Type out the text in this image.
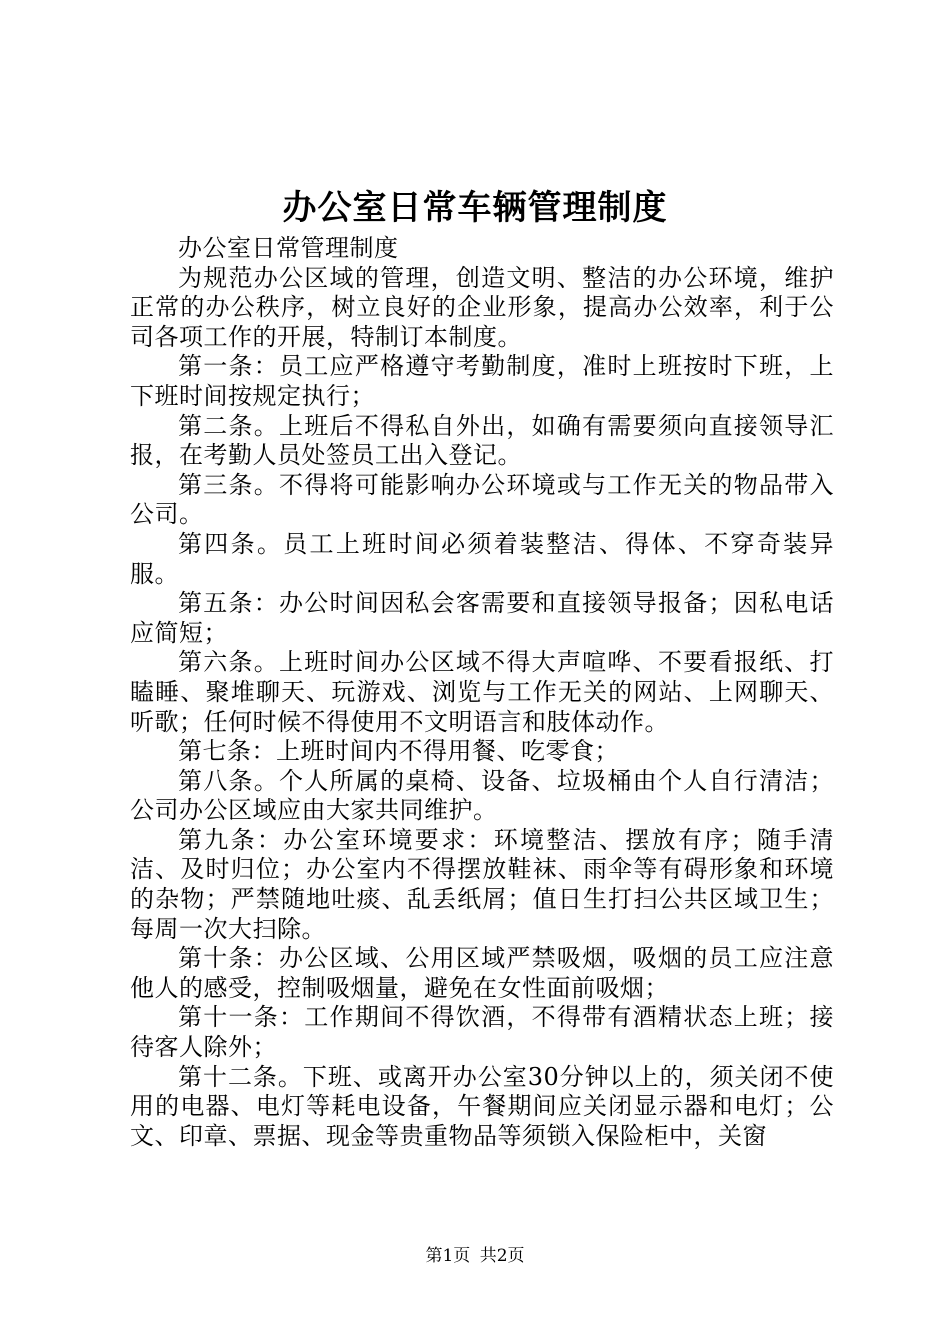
办公室日常车辆管理制度

办公室日常管理制度

为规范办公区域的管理，创造文明、整洁的办公环境，维护正常的办公秩序，树立良好的企业形象，提高办公效率，利于公司各项工作的开展，特制订本制度。

第一条：员工应严格遵守考勤制度，准时上班按时下班，上下班时间按规定执行；

第二条。上班后不得私自外出，如确有需要须向直接领导汇报，在考勤人员处签员工出入登记。

第三条。不得将可能影响办公环境或与工作无关的物品带入公司。

第四条。员工上班时间必须着装整洁、得体、不穿奇装异服。

第五条：办公时间因私会客需要和直接领导报备；因私电话应简短；

第六条。上班时间办公区域不得大声喧哗、不要看报纸、打瞌睡、聚堆聊天、玩游戏、浏览与工作无关的网站、上网聊天、听歌；任何时候不得使用不文明语言和肢体动作。

第七条：上班时间内不得用餐、吃零食；

第八条。个人所属的桌椅、设备、垃圾桶由个人自行清洁；公司办公区域应由大家共同维护。

第九条：办公室环境要求：环境整洁、摆放有序；随手清洁、及时归位；办公室内不得摆放鞋袜、雨伞等有碍形象和环境的杂物；严禁随地吐痰、乱丢纸屑；值日生打扫公共区域卫生；每周一次大扫除。

第十条：办公区域、公用区域严禁吸烟，吸烟的员工应注意他人的感受，控制吸烟量，避免在女性面前吸烟；

第十一条：工作期间不得饮酒，不得带有酒精状态上班；接待客人除外；

第十二条。下班、或离开办公室30分钟以上的，须关闭不使用的电器、电灯等耗电设备，午餐期间应关闭显示器和电灯；公文、印章、票据、现金等贵重物品等须锁入保险柜中，关窗

第1页 共2页
